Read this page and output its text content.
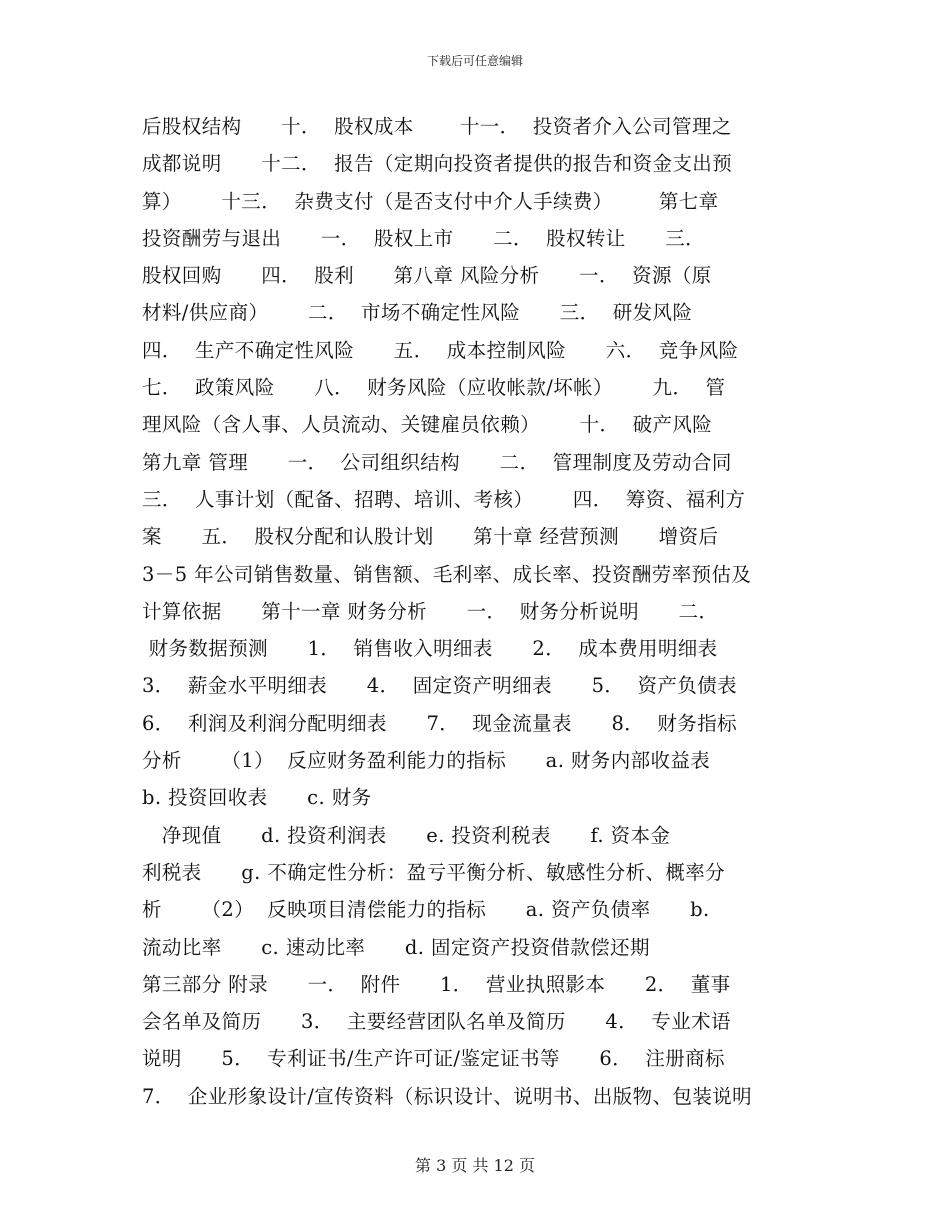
下载后可任意编辑
后股权结构      十．  股权成本       十一．  投资者介入公司管理之
成都说明      十二．  报告（定期向投资者提供的报告和资金支出预
算）      十三．  杂费支付（是否支付中介人手续费）       第七章
投资酬劳与退出      一．  股权上市      二．  股权转让      三．
股权回购      四．  股利      第八章 风险分析      一．  资源（原
材料/供应商）      二．  市场不确定性风险      三．  研发风险
四．  生产不确定性风险      五．  成本控制风险      六．  竞争风险
七．  政策风险      八．  财务风险（应收帐款/坏帐）      九．  管
理风险（含人事、人员流动、关键雇员依赖）      十．  破产风险
第九章 管理      一．  公司组织结构      二．  管理制度及劳动合同
三．  人事计划（配备、招聘、培训、考核）      四．  筹资、福利方
案      五．  股权分配和认股计划      第十章 经营预测      增资后
3－5 年公司销售数量、销售额、毛利率、成长率、投资酬劳率预估及
计算依据      第十一章 财务分析      一．  财务分析说明      二．
财务数据预测      1．  销售收入明细表      2．  成本费用明细表
3．  薪金水平明细表      4．  固定资产明细表      5．  资产负债表
6．  利润及利润分配明细表      7．  现金流量表      8．  财务指标
分析      （1）  反应财务盈利能力的指标      a. 财务内部收益表
b. 投资回收表      c. 财务
净现值      d. 投资利润表      e. 投资利税表      f. 资本金
利税表      g. 不确定性分析：盈亏平衡分析、敏感性分析、概率分
析      （2）  反映项目清偿能力的指标      a. 资产负债率      b.
流动比率      c. 速动比率      d. 固定资产投资借款偿还期
第三部分 附录      一．  附件      1．  营业执照影本      2．  董事
会名单及简历      3．  主要经营团队名单及简历      4．  专业术语
说明      5．  专利证书/生产许可证/鉴定证书等      6．  注册商标
7．  企业形象设计/宣传资料（标识设计、说明书、出版物、包装说明
第 3 页 共 12 页
